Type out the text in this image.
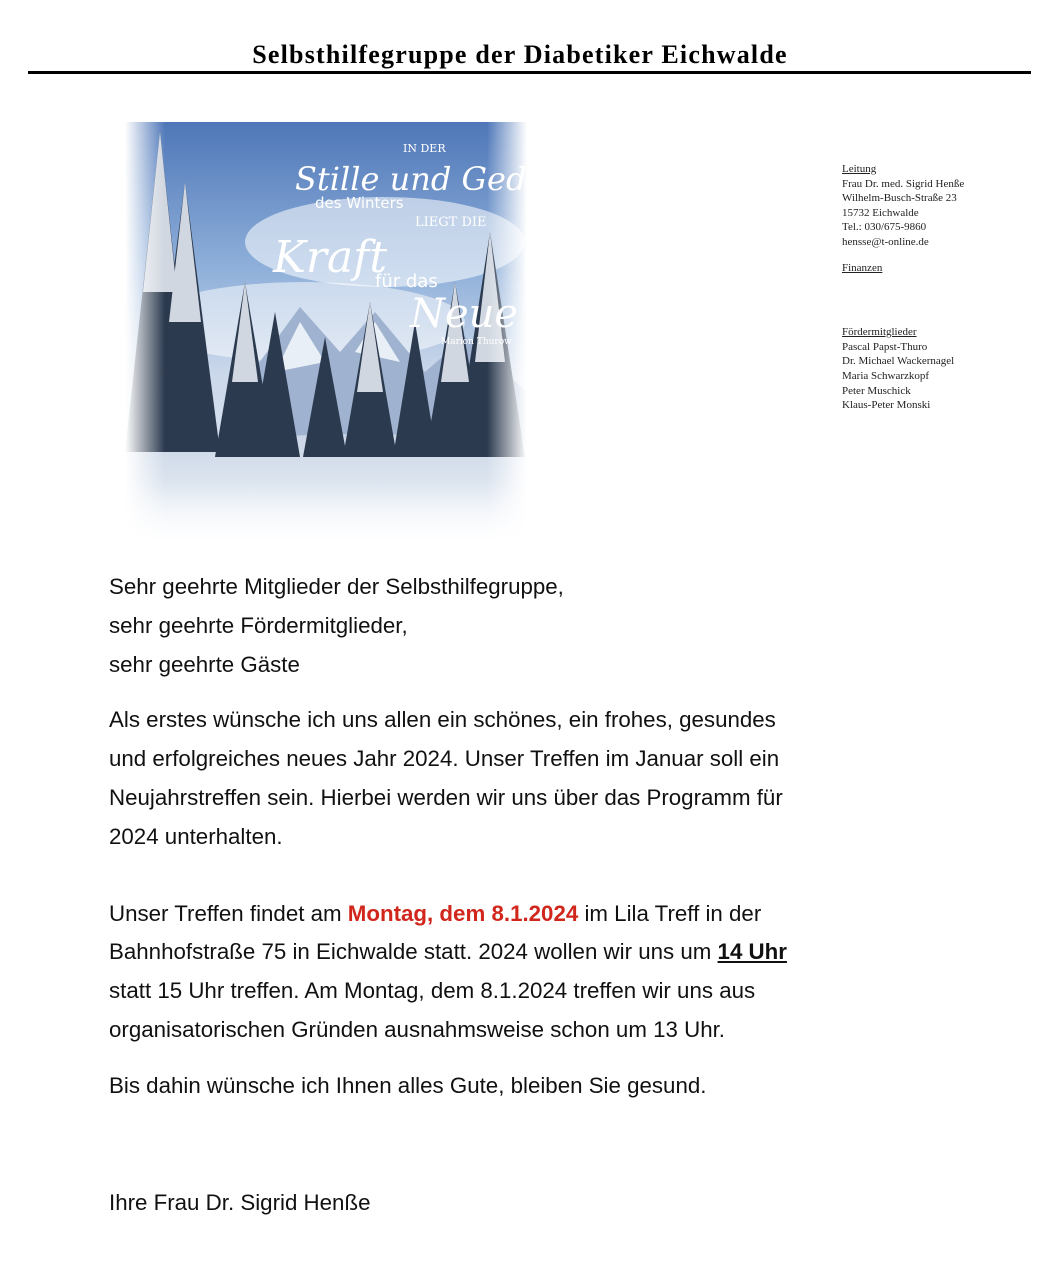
Selbsthilfegruppe der Diabetiker Eichwalde
IN DER
Stille und Geduld
des Winters
LIEGT DIE
Kraft
für das
Neue
Marion Thurow
Leitung
Frau Dr. med. Sigrid Henße
Wilhelm-Busch-Straße 23
15732 Eichwalde
Tel.: 030/675-9860
hensse@t-online.de
Finanzen
Fördermitglieder
Pascal Papst-Thuro
Dr. Michael Wackernagel
Maria Schwarzkopf
Peter Muschick
Klaus-Peter Monski

Sehr geehrte Mitglieder der Selbsthilfegruppe,

sehr geehrte Fördermitglieder,

sehr geehrte Gäste

Als erstes wünsche ich uns allen ein schönes, ein frohes, gesundes

und erfolgreiches neues Jahr 2024. Unser Treffen im Januar soll ein

Neujahrstreffen sein. Hierbei werden wir uns über das Programm für

2024 unterhalten.

Unser Treffen findet am Montag, dem 8.1.2024 im Lila Treff in der

Bahnhofstraße 75 in Eichwalde statt. 2024 wollen wir uns um 14 Uhr

statt 15 Uhr treffen. Am Montag, dem 8.1.2024 treffen wir uns aus

organisatorischen Gründen ausnahmsweise schon um 13 Uhr.

Bis dahin wünsche ich Ihnen alles Gute, bleiben Sie gesund.

Ihre Frau Dr. Sigrid Henße
